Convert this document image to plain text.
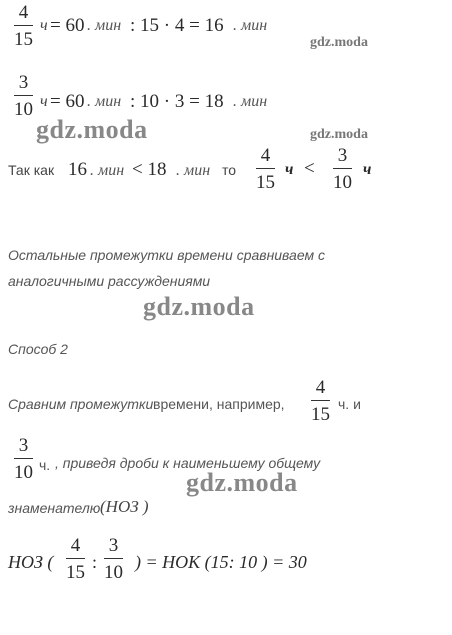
4
15
ч = 60 . мин : 15 · 4 = 16 . мин
gdz.moda
3
10 ч = 60 . мин : 10 · 3 = 18 . мин
gdz.moda	gdz.moda
Так как 16 . мин < 18 . мин то
4
15
ч <
3
10
ч
Остальные промежутки времени сравниваем с
аналогичными рассуждениями
gdz.moda
Способ 2
Сравним промежутки времени, например,
4
15 ч. и
3
10 ч. , приведя дроби к наименьшему общему
gdz.moda
знаменателю (НОЗ )
НОЗ (
4
15 :
3
10 ) = НОК (15: 10 ) = 30
